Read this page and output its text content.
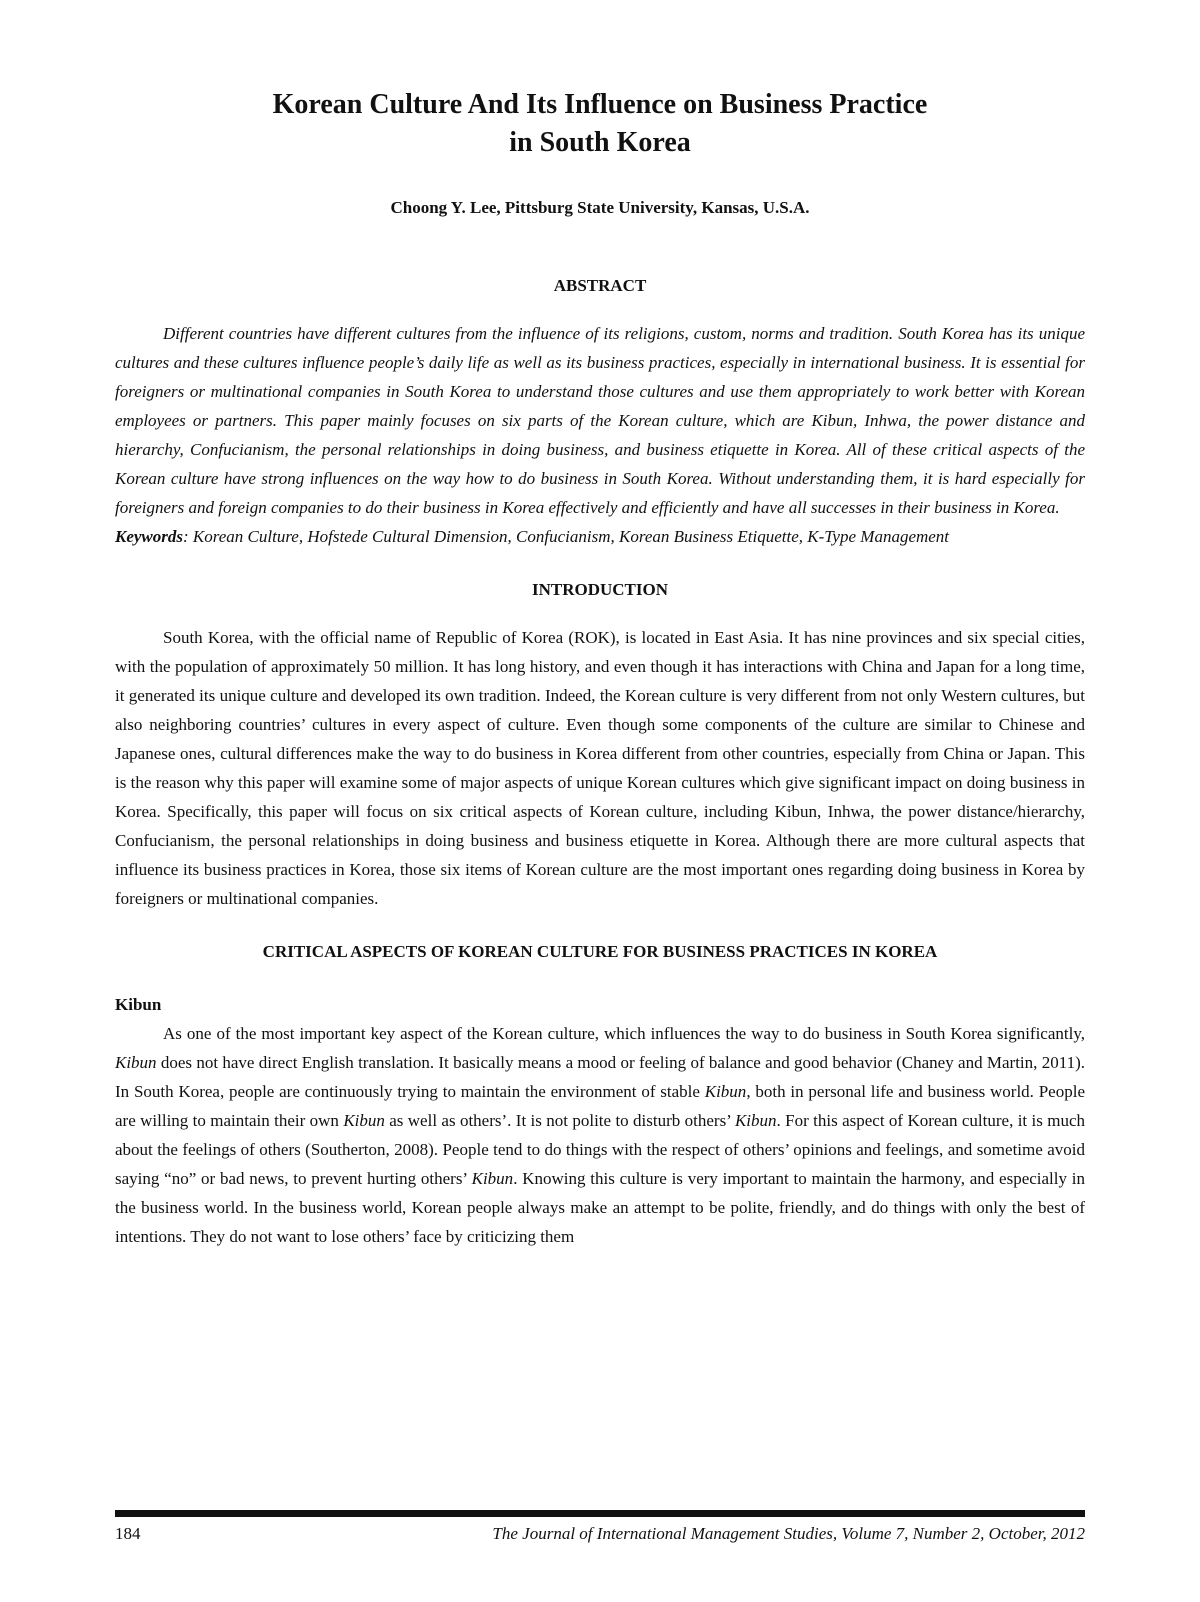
Korean Culture And Its Influence on Business Practice
in South Korea

Choong Y. Lee, Pittsburg State University, Kansas, U.S.A.

ABSTRACT

Different countries have different cultures from the influence of its religions, custom, norms and tradition. South Korea has its unique cultures and these cultures influence people’s daily life as well as its business practices, especially in international business. It is essential for foreigners or multinational companies in South Korea to understand those cultures and use them appropriately to work better with Korean employees or partners. This paper mainly focuses on six parts of the Korean culture, which are Kibun, Inhwa, the power distance and hierarchy, Confucianism, the personal relationships in doing business, and business etiquette in Korea. All of these critical aspects of the Korean culture have strong influences on the way how to do business in South Korea. Without understanding them, it is hard especially for foreigners and foreign companies to do their business in Korea effectively and efficiently and have all successes in their business in Korea.

Keywords: Korean Culture, Hofstede Cultural Dimension, Confucianism, Korean Business Etiquette, K-Type Management

INTRODUCTION

South Korea, with the official name of Republic of Korea (ROK), is located in East Asia. It has nine provinces and six special cities, with the population of approximately 50 million. It has long history, and even though it has interactions with China and Japan for a long time, it generated its unique culture and developed its own tradition. Indeed, the Korean culture is very different from not only Western cultures, but also neighboring countries’ cultures in every aspect of culture. Even though some components of the culture are similar to Chinese and Japanese ones, cultural differences make the way to do business in Korea different from other countries, especially from China or Japan. This is the reason why this paper will examine some of major aspects of unique Korean cultures which give significant impact on doing business in Korea. Specifically, this paper will focus on six critical aspects of Korean culture, including Kibun, Inhwa, the power distance/hierarchy, Confucianism, the personal relationships in doing business and business etiquette in Korea. Although there are more cultural aspects that influence its business practices in Korea, those six items of Korean culture are the most important ones regarding doing business in Korea by foreigners or multinational companies.

CRITICAL ASPECTS OF KOREAN CULTURE FOR BUSINESS PRACTICES IN KOREA
Kibun

As one of the most important key aspect of the Korean culture, which influences the way to do business in South Korea significantly, Kibun does not have direct English translation. It basically means a mood or feeling of balance and good behavior (Chaney and Martin, 2011). In South Korea, people are continuously trying to maintain the environment of stable Kibun, both in personal life and business world. People are willing to maintain their own Kibun as well as others’. It is not polite to disturb others’ Kibun. For this aspect of Korean culture, it is much about the feelings of others (Southerton, 2008). People tend to do things with the respect of others’ opinions and feelings, and sometime avoid saying “no” or bad news, to prevent hurting others’ Kibun. Knowing this culture is very important to maintain the harmony, and especially in the business world. In the business world, Korean people always make an attempt to be polite, friendly, and do things with only the best of intentions. They do not want to lose others’ face by criticizing them

184	The Journal of International Management Studies, Volume 7, Number 2, October, 2012
